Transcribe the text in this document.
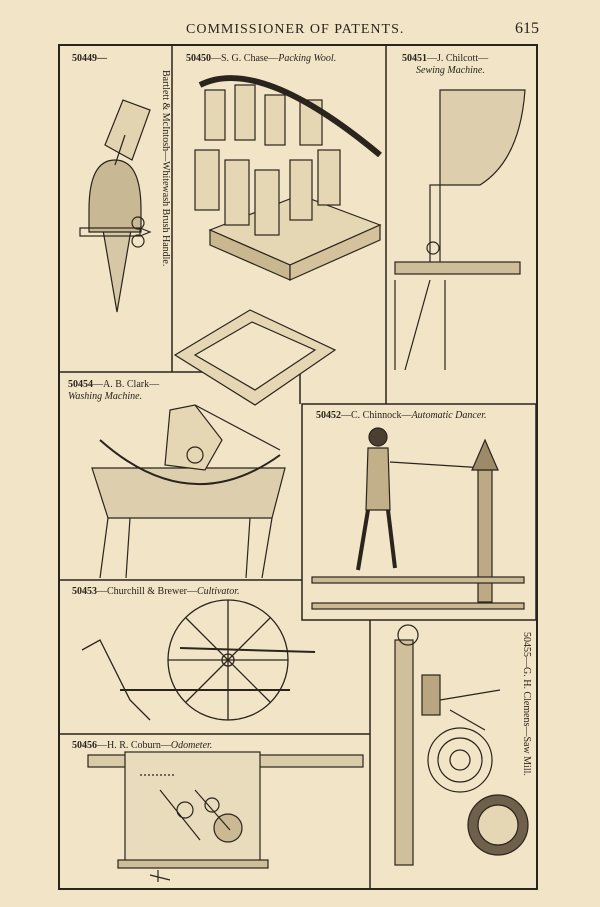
COMMISSIONER OF PATENTS.	615
50449—
Bartlett & McIntosh—Whitewash Brush Handle.
50450—S. G. Chase—Packing Wool.	50451—J. Chilcott—
Sewing Machine.
50454—A. B. Clark—
Washing Machine.
50452—C. Chinnock—Automatic Dancer.
50453—Churchill & Brewer—Cultivator.
50455—G. H. Clemens—Saw Mill.
50456—H. R. Coburn—Odometer.
